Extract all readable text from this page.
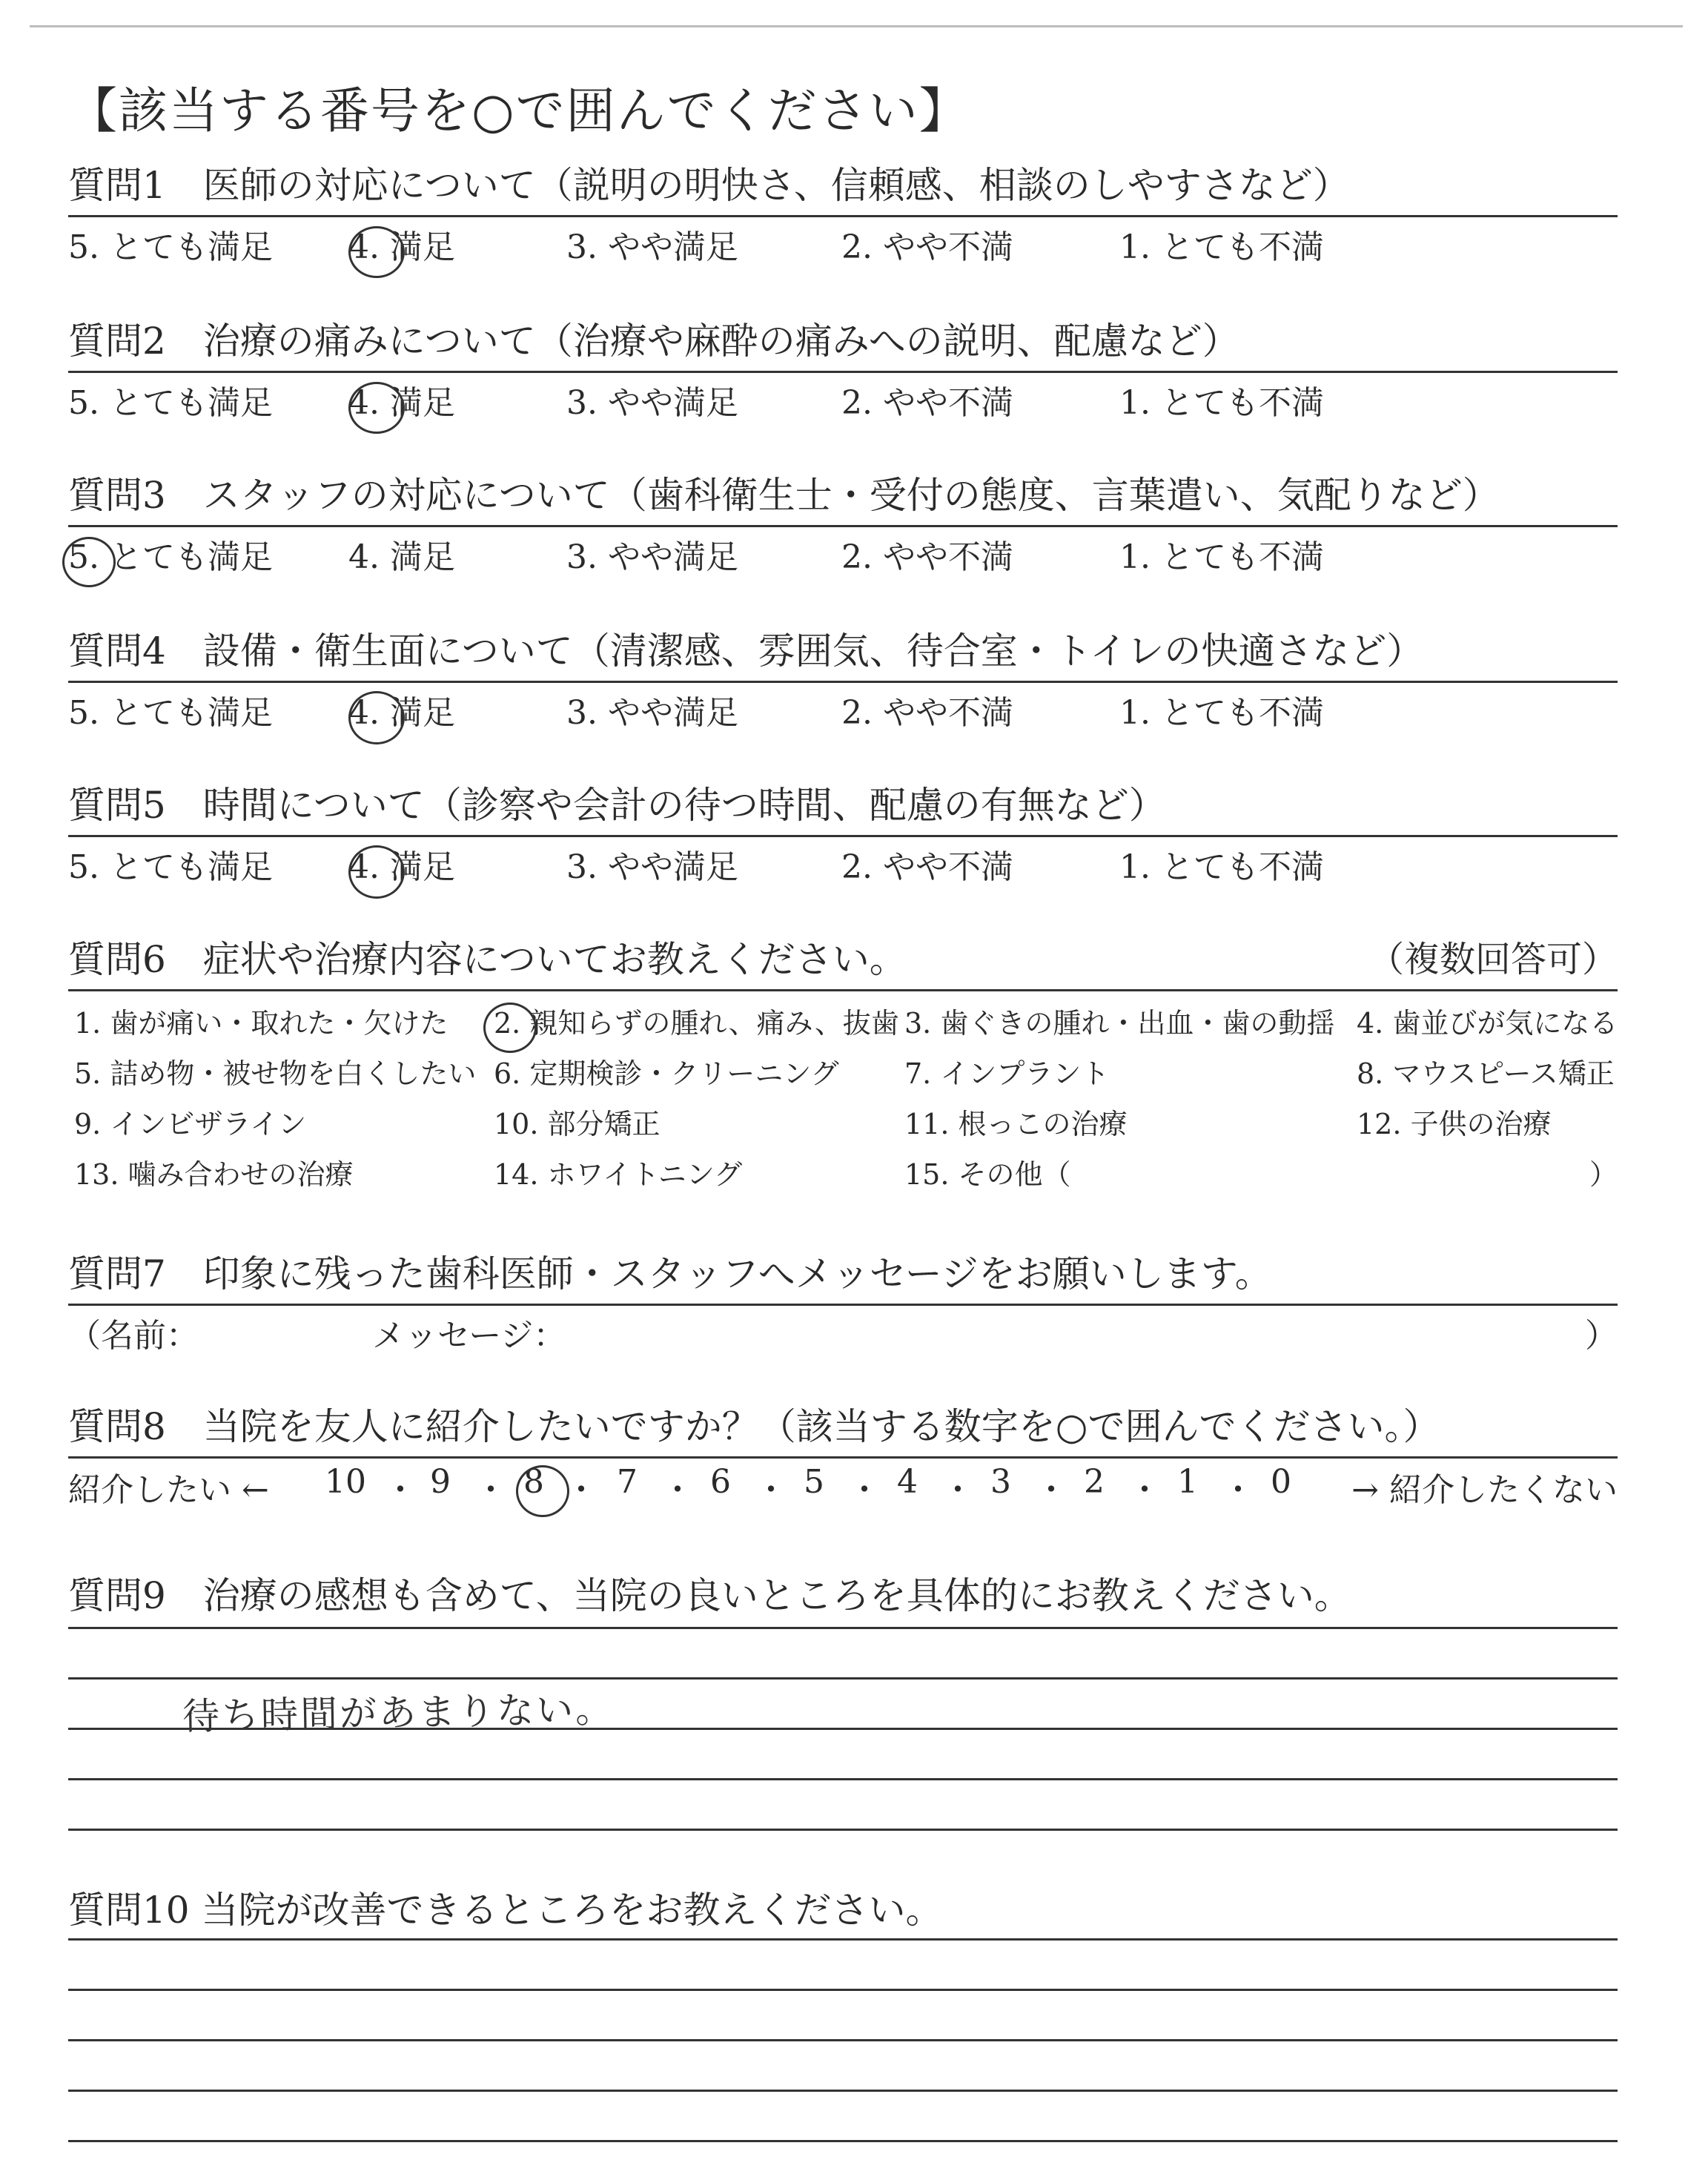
【該当する番号を○で囲んでください】
質問1　医師の対応について（説明の明快さ、信頼感、相談のしやすさなど）
5. とても満足 4. 満足	3. やや満足	2. やや不満	1. とても不満
質問2　治療の痛みについて（治療や麻酔の痛みへの説明、配慮など）
5. とても満足 4. 満足	3. やや満足	2. やや不満	1. とても不満
質問3　スタッフの対応について（歯科衛生士・受付の態度、言葉遣い、気配りなど）
5. とても満足 4. 満足	3. やや満足	2. やや不満	1. とても不満
質問4　設備・衛生面について（清潔感、雰囲気、待合室・トイレの快適さなど）
5. とても満足 4. 満足	3. やや満足	2. やや不満	1. とても不満
質問5　時間について（診察や会計の待つ時間、配慮の有無など）
5. とても満足 4. 満足	3. やや満足	2. やや不満	1. とても不満
質問6　症状や治療内容についてお教えください。	（複数回答可）
1. 歯が痛い・取れた・欠けた 2. 親知らずの腫れ、痛み、抜歯 3. 歯ぐきの腫れ・出血・歯の動揺 4. 歯並びが気になる
5. 詰め物・被せ物を白くしたい 6. 定期検診・クリーニング 7. インプラント	8. マウスピース矯正
9. インビザライン	10. 部分矯正	11. 根っこの治療	12. 子供の治療
13. 噛み合わせの治療	14. ホワイトニング	15. その他（	）
質問7　印象に残った歯科医師・スタッフへメッセージをお願いします。
（名前：	メッセージ：	）
質問8　当院を友人に紹介したいですか？（該当する数字を○で囲んでください。）
紹介したい ← 10 ・ 9 ・ 8 ・ 7 ・ 6 ・ 5 ・ 4 ・ 3 ・ 2 ・ 1 ・ 0 → 紹介したくない
質問9　治療の感想も含めて、当院の良いところを具体的にお教えください。
待ち時間があまりない。
質問10 当院が改善できるところをお教えください。
